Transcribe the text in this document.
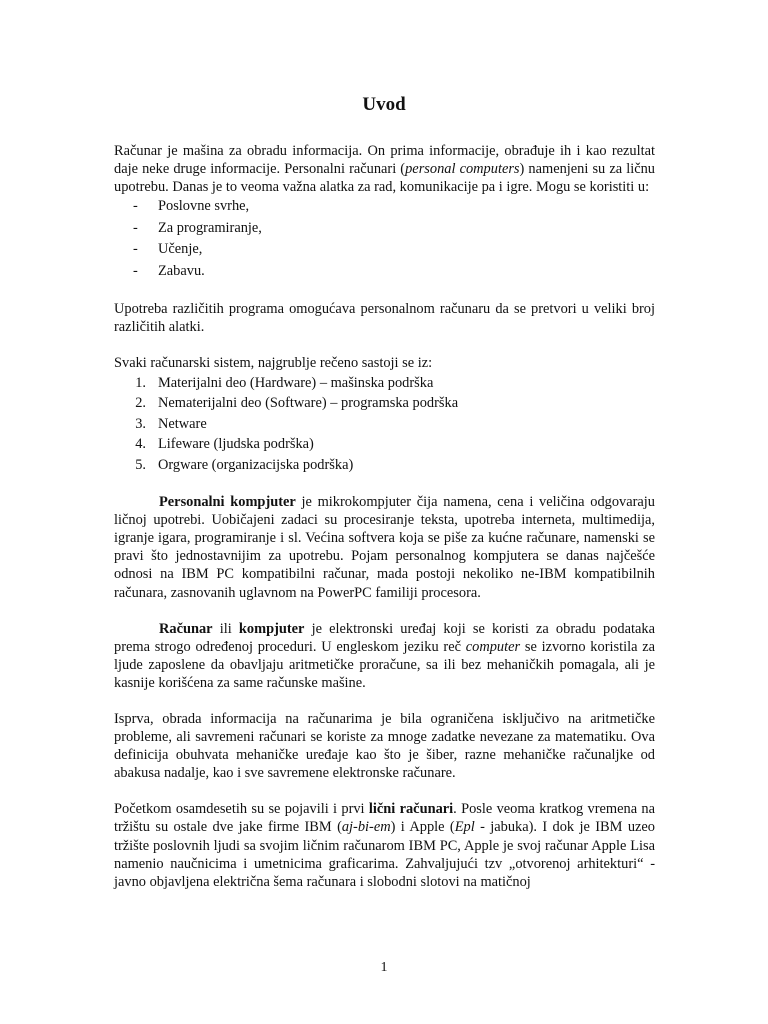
Uvod

Računar je mašina za obradu informacija. On prima informacije, obrađuje ih i kao rezultat daje neke druge informacije. Personalni računari (personal computers) namenjeni su za ličnu upotrebu. Danas je to veoma važna alatka za rad, komunikacije pa i igre. Mogu se koristiti u:

- Poslovne svrhe,
- Za programiranje,
- Učenje,
- Zabavu.

Upotreba različitih programa omogućava personalnom računaru da se pretvori u veliki broj različitih alatki.

Svaki računarski sistem, najgrublje rečeno sastoji se iz:

1. Materijalni deo (Hardware) – mašinska podrška
2. Nematerijalni deo (Software) – programska podrška
3. Netware
4. Lifeware (ljudska podrška)
5. Orgware (organizacijska podrška)

Personalni kompjuter je mikrokompjuter čija namena, cena i veličina odgovaraju ličnoj upotrebi. Uobičajeni zadaci su procesiranje teksta, upotreba interneta, multimedija, igranje igara, programiranje i sl. Većina softvera koja se piše za kućne računare, namenski se pravi što jednostavnijim za upotrebu. Pojam personalnog kompjutera se danas najčešće odnosi na IBM PC kompatibilni računar, mada postoji nekoliko ne-IBM kompatibilnih računara, zasnovanih uglavnom na PowerPC familiji procesora.

Računar ili kompjuter je elektronski uređaj koji se koristi za obradu podataka prema strogo određenoj proceduri. U engleskom jeziku reč computer se izvorno koristila za ljude zaposlene da obavljaju aritmetičke proračune, sa ili bez mehaničkih pomagala, ali je kasnije korišćena za same računske mašine.

Isprva, obrada informacija na računarima je bila ograničena isključivo na aritmetičke probleme, ali savremeni računari se koriste za mnoge zadatke nevezane za matematiku. Ova definicija obuhvata mehaničke uređaje kao što je šiber, razne mehaničke računaljke od abakusa nadalje, kao i sve savremene elektronske računare.

Početkom osamdesetih su se pojavili i prvi lični računari. Posle veoma kratkog vremena na tržištu su ostale dve jake firme IBM (aj-bi-em) i Apple (Epl - jabuka). I dok je IBM uzeo tržište poslovnih ljudi sa svojim ličnim računarom IBM PC, Apple je svoj računar Apple Lisa namenio naučnicima i umetnicima graficarima. Zahvaljujući tzv „otvorenoj arhitekturi“ - javno objavljena električna šema računara i slobodni slotovi na matičnoj

1
